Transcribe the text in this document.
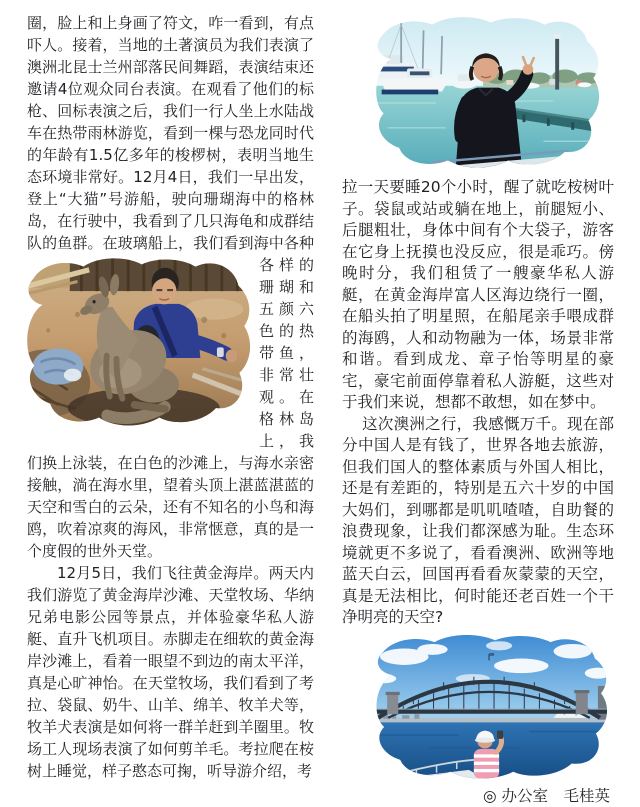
圈，脸上和上身画了符文，咋一看到，有点吓人。接着，当地的土著演员为我们表演了澳洲北昆士兰州部落民间舞蹈，表演结束还邀请4位观众同台表演。在观看了他们的标枪、回标表演之后，我们一行人坐上水陆战车在热带雨林游览，看到一棵与恐龙同时代的年龄有1.5亿多年的梭椤树，表明当地生态环境非常好。12月4日，我们一早出发，登上“大猫”号游船，驶向珊瑚海中的格林岛，在行驶中，我看到了几只海龟和成群结队的鱼群。在玻璃船上，我们看到海中各种
各样的珊瑚和五颜六色的热带鱼，非常壮观。在格林岛上，我们换上泳装，在白色的沙滩上，与海水亲密接触，淌在海水里，望着头顶上湛蓝湛蓝的天空和雪白的云朵，还有不知名的小鸟和海鸥，吹着凉爽的海风，非常惬意，真的是一个度假的世外天堂。

12月5日，我们飞往黄金海岸。两天内我们游览了黄金海岸沙滩、天堂牧场、华纳兄弟电影公园等景点，并体验豪华私人游艇、直升飞机项目。赤脚走在细软的黄金海岸沙滩上，看着一眼望不到边的南太平洋，真是心旷神怡。在天堂牧场，我们看到了考拉、袋鼠、奶牛、山羊、绵羊、牧羊犬等，牧羊犬表演是如何将一群羊赶到羊圈里。牧场工人现场表演了如何剪羊毛。考拉爬在桉树上睡觉，样子憨态可掬，听导游介绍，考

拉一天要睡20个小时，醒了就吃桉树叶子。袋鼠或站或躺在地上，前腿短小、后腿粗壮，身体中间有个大袋子，游客在它身上抚摸也没反应，很是乖巧。傍晚时分，我们租赁了一艘豪华私人游艇，在黄金海岸富人区海边绕行一圈，在船头拍了明星照，在船尾亲手喂成群的海鸥，人和动物融为一体，场景非常和谐。看到成龙、章子怡等明星的豪宅，豪宅前面停靠着私人游艇，这些对于我们来说，想都不敢想，如在梦中。

这次澳洲之行，我感慨万千。现在部分中国人是有钱了，世界各地去旅游，但我们国人的整体素质与外国人相比，还是有差距的，特别是五六十岁的中国大妈们，到哪都是叽叽喳喳，自助餐的浪费现象，让我们都深感为耻。生态环境就更不多说了，看看澳洲、欧洲等地蓝天白云，回国再看看灰蒙蒙的天空，真是无法相比，何时能还老百姓一个干净明亮的天空?

◎ 办公室　毛桂英
